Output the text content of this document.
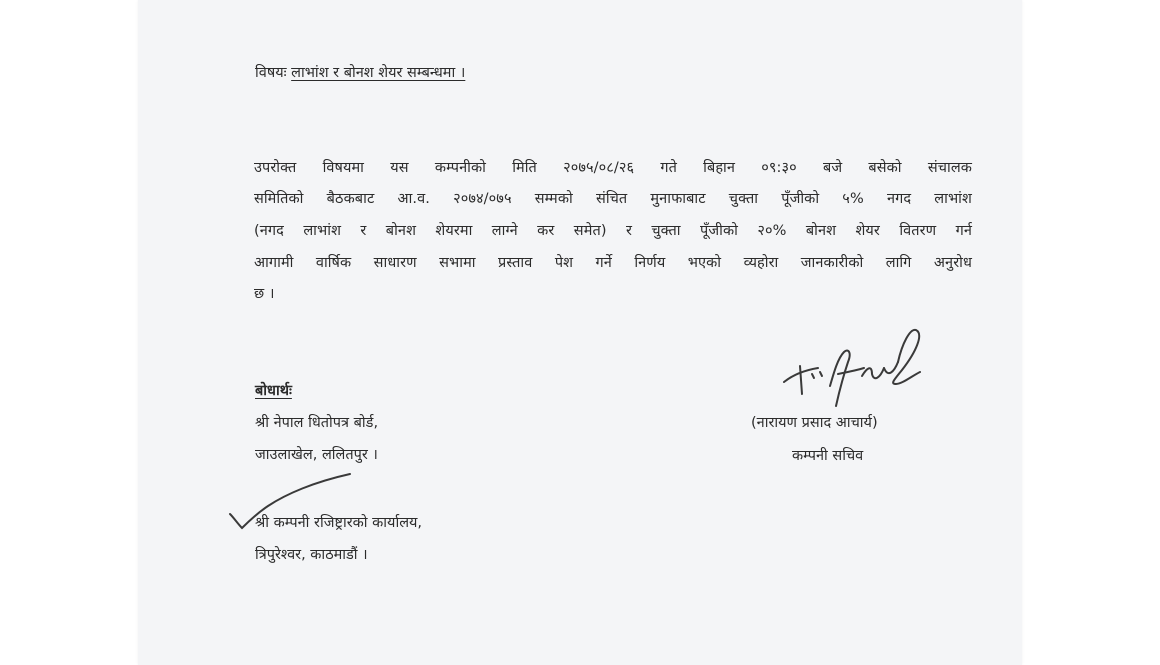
विषयः लाभांश र बोनश शेयर सम्बन्धमा ।
उपरोक्त विषयमा यस कम्पनीको मिति २०७५/०८/२६ गते बिहान ०९:३० बजे बसेको संचालक
समितिको बैठकबाट आ.व. २०७४/०७५ सम्मको संचित मुनाफाबाट चुक्ता पूँजीको ५% नगद लाभांश
(नगद लाभांश र बोनश शेयरमा लाग्ने कर समेत) र चुक्ता पूँजीको २०% बोनश शेयर वितरण गर्न
आगामी वार्षिक साधारण सभामा प्रस्ताव पेश गर्ने निर्णय भएको व्यहोरा जानकारीको लागि अनुरोध
छ ।
बोधार्थः
श्री नेपाल धितोपत्र बोर्ड,
जाउलाखेल, ललितपुर ।
श्री कम्पनी रजिष्ट्रारको कार्यालय,
त्रिपुरेश्वर, काठमाडौं ।
(नारायण प्रसाद आचार्य)
कम्पनी सचिव
